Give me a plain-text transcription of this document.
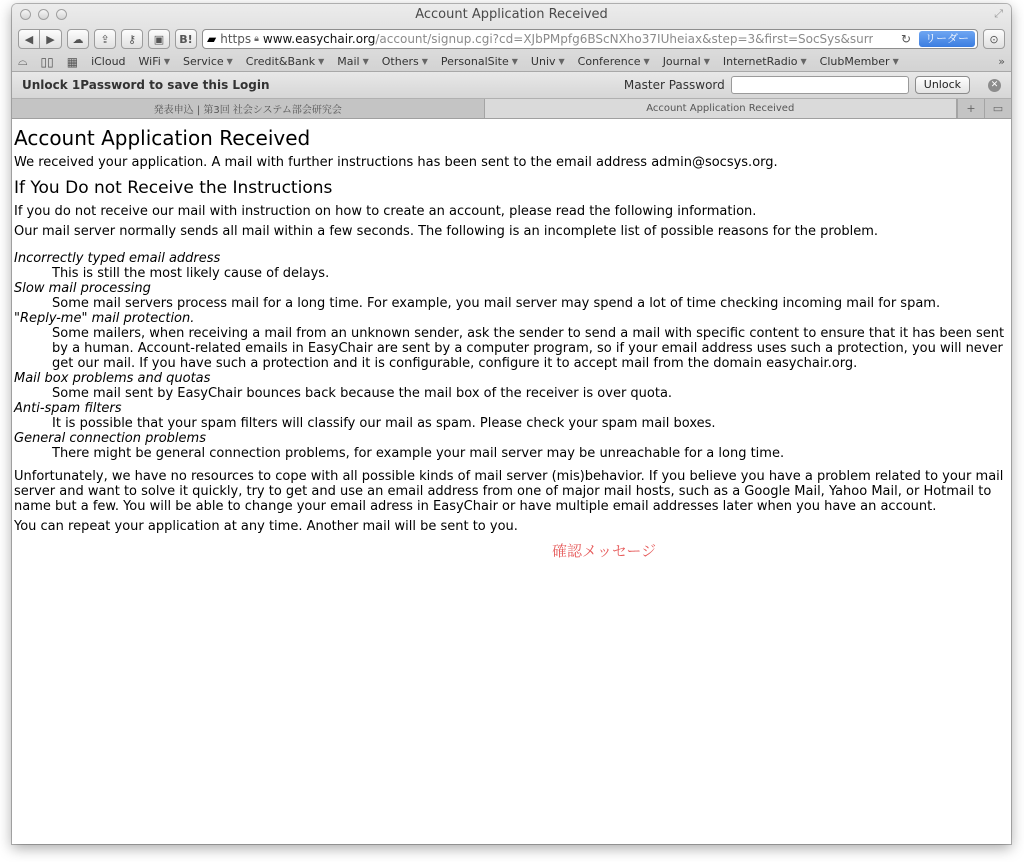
Account Application Received	⤢
◀ ▶ ☁ ⇪ ⚷ ▣ B! ▰ https 🔒︎ www.easychair.org /account/signup.cgi?cd=XJbPMpfg6BScNXho37IUheiax&step=3&first=SocSys&surr ↻	リーダー	⊙
⌓ ▯▯ ▦ iCloud WiFi ▼ Service ▼ Credit&Bank ▼ Mail ▼ Others ▼ PersonalSite ▼ Univ ▼ Conference ▼ Journal ▼ InternetRadio ▼ ClubMember ▼	»
Unlock 1Password to save this Login	Master Password	Unlock	✕
発表申込 | 第3回 社会システム部会研究会	Account Application Received	+	▭
Account Application Received

We received your application. A mail with further instructions has been sent to the email address admin@socsys.org.

If You Do not Receive the Instructions

If you do not receive our mail with instruction on how to create an account, please read the following information.

Our mail server normally sends all mail within a few seconds. The following is an incomplete list of possible reasons for the problem.

Incorrectly typed email address
This is still the most likely cause of delays.
Slow mail processing
Some mail servers process mail for a long time. For example, you mail server may spend a lot of time checking incoming mail for spam.
"Reply-me" mail protection.
Some mailers, when receiving a mail from an unknown sender, ask the sender to send a mail with specific content to ensure that it has been sent by a human. Account-related emails in EasyChair are sent by a computer program, so if your email address uses such a protection, you will never get our mail. If you have such a protection and it is configurable, configure it to accept mail from the domain easychair.org.
Mail box problems and quotas
Some mail sent by EasyChair bounces back because the mail box of the receiver is over quota.
Anti-spam filters
It is possible that your spam filters will classify our mail as spam. Please check your spam mail boxes.
General connection problems
There might be general connection problems, for example your mail server may be unreachable for a long time.

Unfortunately, we have no resources to cope with all possible kinds of mail server (mis)behavior. If you believe you have a problem related to your mail server and want to solve it quickly, try to get and use an email address from one of major mail hosts, such as a Google Mail, Yahoo Mail, or Hotmail to name but a few. You will be able to change your email adress in EasyChair or have multiple email addresses later when you have an account.

You can repeat your application at any time. Another mail will be sent to you.

確認メッセージ
